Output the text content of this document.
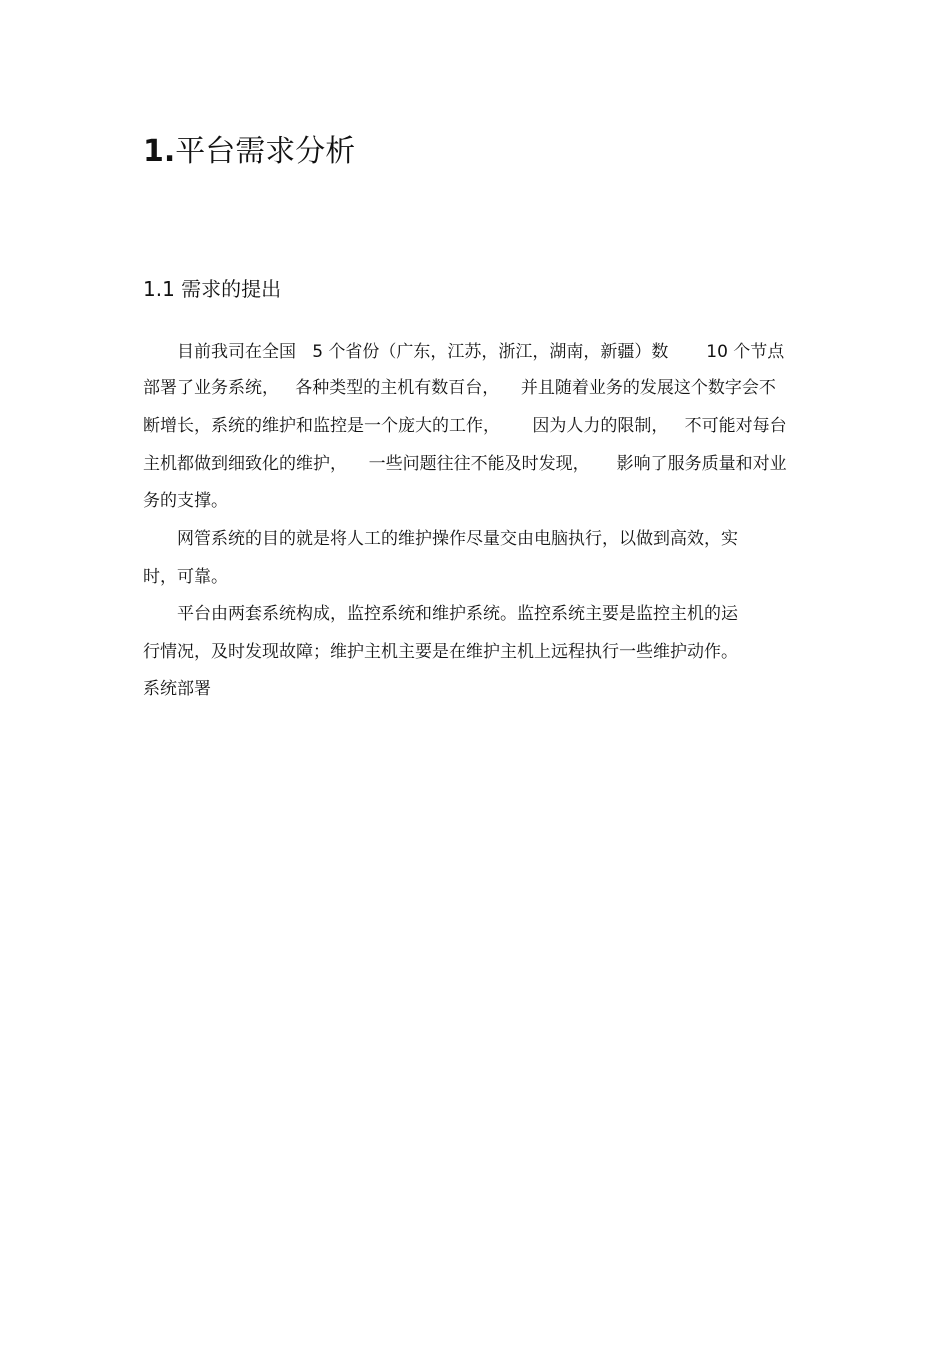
1.平台需求分析
1.1 需求的提出
目前我司在全国   5 个省份（广东，江苏，浙江，湖南，新疆）数       10 个节点
部署了业务系统，   各种类型的主机有数百台，    并且随着业务的发展这个数字会不
断增长，系统的维护和监控是一个庞大的工作，      因为人力的限制，   不可能对每台
主机都做到细致化的维护，    一些问题往往不能及时发现，     影响了服务质量和对业
务的支撑。
网管系统的目的就是将人工的维护操作尽量交由电脑执行，以做到高效，实
时，可靠。
平台由两套系统构成，监控系统和维护系统。监控系统主要是监控主机的运
行情况，及时发现故障；维护主机主要是在维护主机上远程执行一些维护动作。
系统部署
